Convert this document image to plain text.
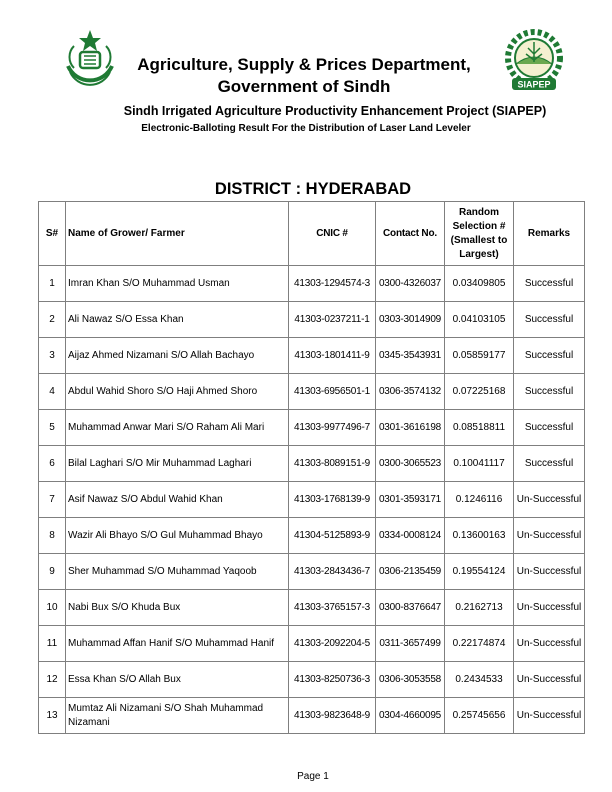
Agriculture, Supply & Prices Department,
Government of Sindh	SIAPEP
Sindh Irrigated Agriculture Productivity Enhancement Project (SIAPEP)
Electronic-Balloting Result For the Distribution of Laser Land Leveler
DISTRICT : HYDERABAD
S#	Name of Grower/ Farmer	CNIC #	Contact No.	Random Selection # (Smallest to Largest)	Remarks
1	Imran Khan S/O Muhammad Usman	41303-1294574-3	0300-4326037	0.03409805	Successful
2	Ali Nawaz S/O Essa Khan	41303-0237211-1	0303-3014909	0.04103105	Successful
3	Aijaz Ahmed Nizamani S/O Allah Bachayo	41303-1801411-9	0345-3543931	0.05859177	Successful
4	Abdul Wahid Shoro S/O Haji Ahmed Shoro	41303-6956501-1	0306-3574132	0.07225168	Successful
5	Muhammad Anwar Mari S/O Raham Ali Mari	41303-9977496-7	0301-3616198	0.08518811	Successful
6	Bilal Laghari S/O Mir Muhammad Laghari	41303-8089151-9	0300-3065523	0.10041117	Successful
7	Asif Nawaz S/O Abdul Wahid Khan	41303-1768139-9	0301-3593171	0.1246116	Un-Successful
8	Wazir Ali Bhayo S/O Gul Muhammad Bhayo	41304-5125893-9	0334-0008124	0.13600163	Un-Successful
9	Sher Muhammad S/O Muhammad Yaqoob	41303-2843436-7	0306-2135459	0.19554124	Un-Successful
10	Nabi Bux S/O Khuda Bux	41303-3765157-3	0300-8376647	0.2162713	Un-Successful
11	Muhammad Affan Hanif S/O Muhammad Hanif	41303-2092204-5	0311-3657499	0.22174874	Un-Successful
12	Essa Khan S/O Allah Bux	41303-8250736-3	0306-3053558	0.2434533	Un-Successful
13	Mumtaz Ali Nizamani S/O Shah Muhammad Nizamani	41303-9823648-9	0304-4660095	0.25745656	Un-Successful
Page 1
